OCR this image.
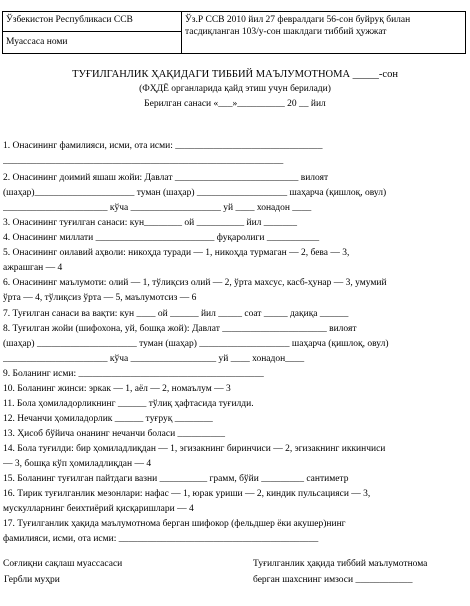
Ўзбекистон Республикаси ССВ	Ўз.Р ССВ 2010 йил 27 февралдаги 56-сон буйруқ билан тасдиқланган 103/у-сон шаклдаги тиббий ҳужжат
Муассаса номи
ТУҒИЛГАНЛИК ҲАҚИДАГИ ТИББИЙ МАЪЛУМОТНОМА _____-сон
(ФҲДЁ органларида қайд этиш учун берилади)
Берилган санаси «___»__________ 20 __ йил
1. Онасининг фамилияси, исми, ота исми: _______________________________
___________________________________________________________
2. Онасининг доимий яшаш жойи: Давлат __________________________ вилоят
(шаҳар)_____________________ туман (шаҳар) ___________________ шаҳарча (қишлоқ, овул)
______________________ кўча ___________________ уй ____ хонадон ____
3. Онасининг туғилган санаси: кун________ ой __________ йил _______
4. Онасининг миллати _________________________ фуқаролиги ___________
5. Онасининг оилавий аҳволи: никоҳда туради — 1, никоҳда турмаган — 2, бева — 3,
ажрашган — 4
6. Онасининг маълумоти: олий — 1, тўлиқсиз олий — 2, ўрта махсус, касб-ҳунар — 3, умумий
ўрта — 4, тўлиқсиз ўрта — 5, маълумотсиз — 6
7. Туғилган санаси ва вақти: кун ____ ой ______ йил _____ соат _____ дақиқа ______
8. Туғилган жойи (шифохона, уй, бошқа жой): Давлат ______________________ вилоят
(шаҳар) _____________________ туман (шаҳар) ___________________ шаҳарча (қишлоқ, овул)
______________________ кўча __________________ уй ____ хонадон____
9. Боланинг исми: _______________________________________
10. Боланинг жинси: эркак — 1, аёл — 2, номаълум — 3
11. Бола ҳомиладорликнинг ______ тўлиқ ҳафтасида туғилди.
12. Нечанчи ҳомиладорлик ______ туғруқ ________
13. Ҳисоб бўйича онанинг нечанчи боласи __________
14. Бола туғилди: бир ҳомиладлиқдан — 1, эгизакнинг биринчиси — 2, эгизакнинг иккинчиси
— 3, бошқа кўп ҳомиладлиқдан — 4
15. Боланинг туғилган пайтдаги вазни __________ грамм, бўйи _________ сантиметр
16. Тирик туғилганлик мезонлари: нафас — 1, юрак уриши — 2, киндик пульсацияси — 3,
мускулларнинг беихтиёрий қисқаришлари — 4
17. Туғилганлик ҳақида маълумотнома берган шифокор (фельдшер ёки акушер)нинг
фамилияси, исми, ота исми: __________________________________________
Соғлиқни сақлаш муассасаси
Гербли муҳри
Туғилганлик ҳақида тиббий маълумотнома
берган шахснинг имзоси ____________
